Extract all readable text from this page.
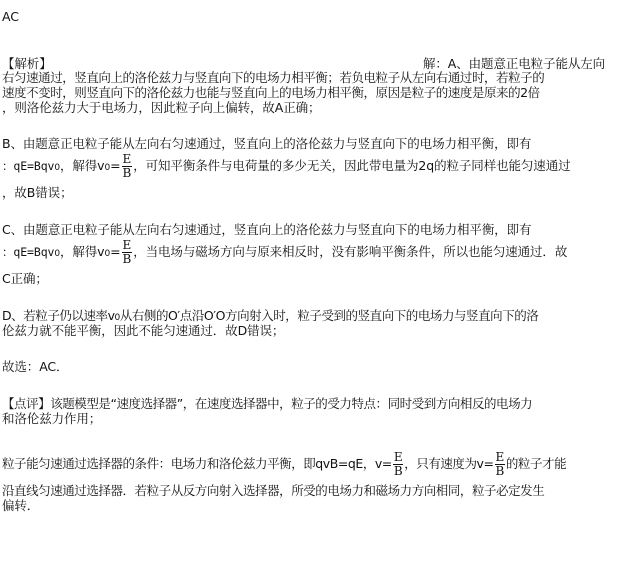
AC
【解析】	解：A、由题意正电粒子能从左向
右匀速通过，竖直向上的洛伦兹力与竖直向下的电场力相平衡；若负电粒子从左向右通过时，若粒子的
速度不变时，则竖直向下的洛伦兹力也能与竖直向上的电场力相平衡，原因是粒子的速度是原来的2倍
，则洛伦兹力大于电场力，因此粒子向上偏转，故A正确；
B、由题意正电粒子能从左向右匀速通过，竖直向上的洛伦兹力与竖直向下的电场力相平衡，即有
：qE=Bqv0，解得$v0= \frac{E}{B}$ ，可知平衡条件与电荷量的多少无关，因此带电量为2q的粒子同样也能匀速通过
，故B错误；
C、由题意正电粒子能从左向右匀速通过，竖直向上的洛伦兹力与竖直向下的电场力相平衡，即有
：qE=Bqv0，解得$v0= \frac{E}{B}$ ，当电场与磁场方向与原来相反时，没有影响平衡条件，所以也能匀速通过．故
C正确；
D、若粒子仍以速率v0从右侧的O′点沿O′O方向射入时，粒子受到的竖直向下的电场力与竖直向下的洛
伦兹力就不能平衡，因此不能匀速通过．故D错误；
故选：AC．
【点评】该题模型是“速度选择器”，在速度选择器中，粒子的受力特点：同时受到方向相反的电场力
和洛伦兹力作用；
粒子能匀速通过选择器的条件：电场力和洛伦兹力平衡，即qvB=qE，$v= \frac{E}{B}$ ，只有速度为$v= \frac{E}{B}$ 的粒子才能
沿直线匀速通过选择器．若粒子从反方向射入选择器，所受的电场力和磁场力方向相同，粒子必定发生
偏转．
